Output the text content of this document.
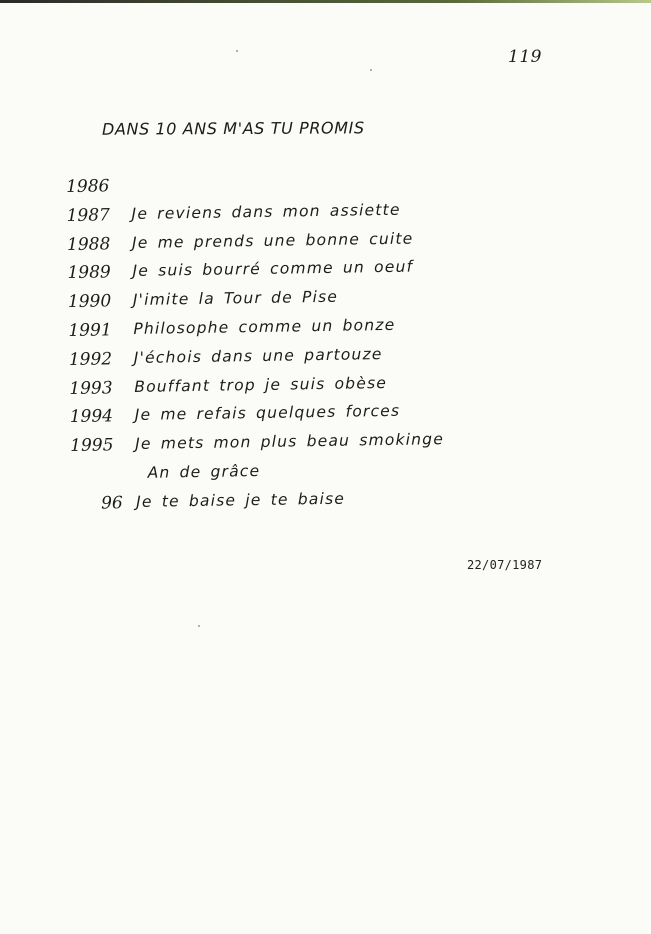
119
DANS 10 ANS M'AS TU PROMIS
1986
1987 Je reviens dans mon assiette
1988 Je me prends une bonne cuite
1989 Je suis bourré comme un oeuf
1990 J'imite la Tour de Pise
1991 Philosophe comme un bonze
1992 J'échois dans une partouze
1993 Bouffant trop je suis obèse
1994 Je me refais quelques forces
1995 Je mets mon plus beau smokinge
An de grâce
96 Je te baise je te baise
22/07/1987
